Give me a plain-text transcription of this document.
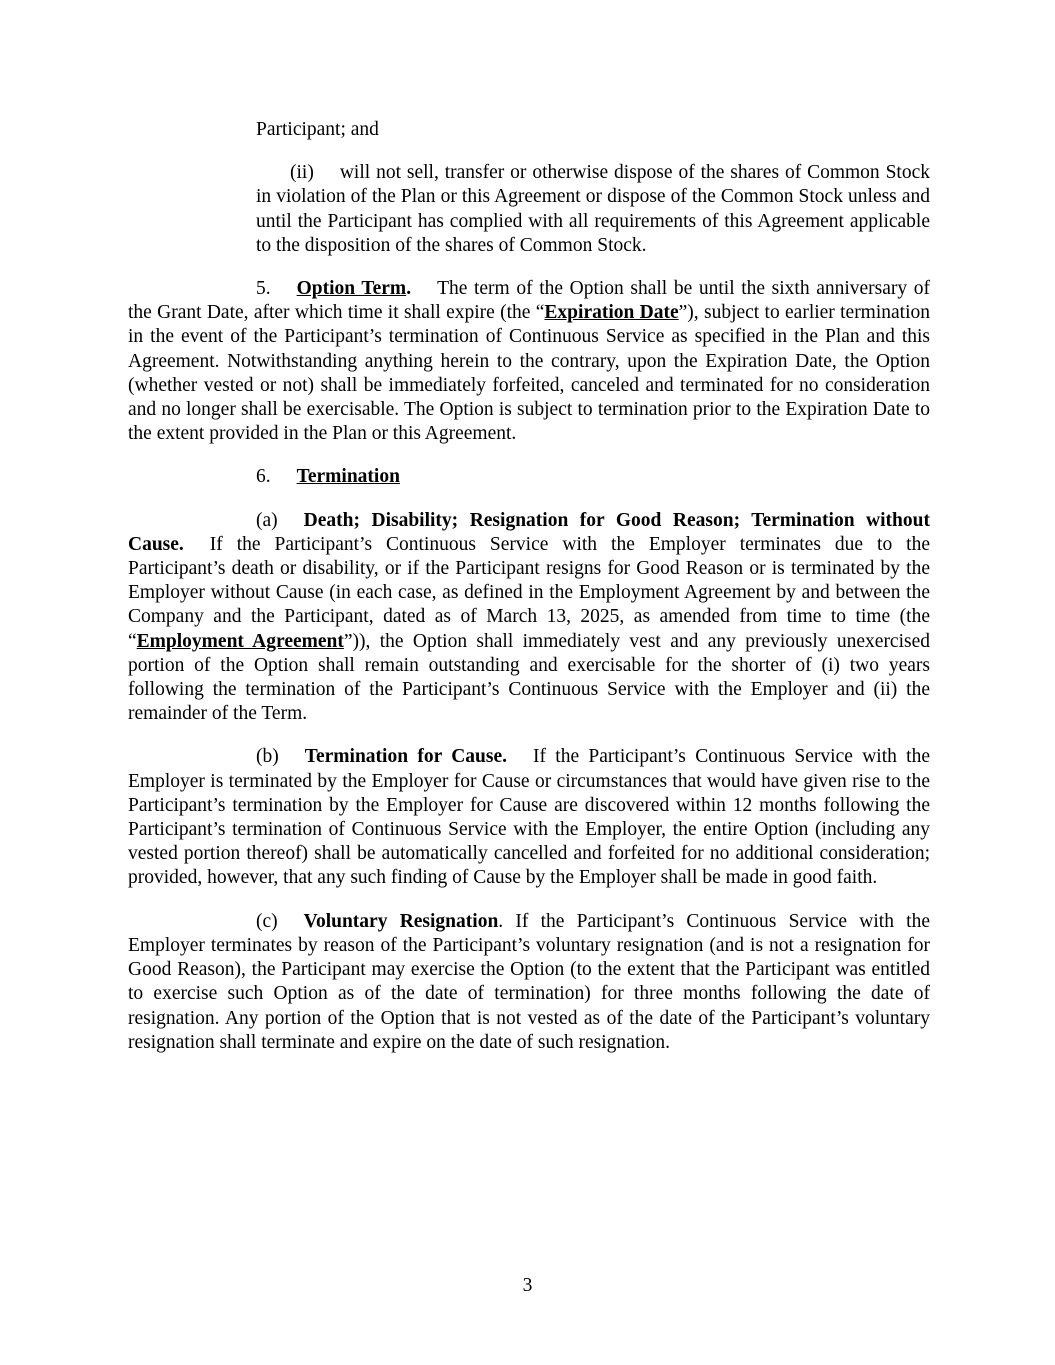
Participant; and

(ii) will not sell, transfer or otherwise dispose of the shares of Common Stock in violation of the Plan or this Agreement or dispose of the Common Stock unless and until the Participant has complied with all requirements of this Agreement applicable to the disposition of the shares of Common Stock.

5. Option Term. The term of the Option shall be until the sixth anniversary of the Grant Date, after which time it shall expire (the “Expiration Date”), subject to earlier termination in the event of the Participant’s termination of Continuous Service as specified in the Plan and this Agreement. Notwithstanding anything herein to the contrary, upon the Expiration Date, the Option (whether vested or not) shall be immediately forfeited, canceled and terminated for no consideration and no longer shall be exercisable. The Option is subject to termination prior to the Expiration Date to the extent provided in the Plan or this Agreement.

6. Termination

(a) Death; Disability; Resignation for Good Reason; Termination without Cause. If the Participant’s Continuous Service with the Employer terminates due to the Participant’s death or disability, or if the Participant resigns for Good Reason or is terminated by the Employer without Cause (in each case, as defined in the Employment Agreement by and between the Company and the Participant, dated as of March 13, 2025, as amended from time to time (the “Employment Agreement”)), the Option shall immediately vest and any previously unexercised portion of the Option shall remain outstanding and exercisable for the shorter of (i) two years following the termination of the Participant’s Continuous Service with the Employer and (ii) the remainder of the Term.

(b) Termination for Cause. If the Participant’s Continuous Service with the Employer is terminated by the Employer for Cause or circumstances that would have given rise to the Participant’s termination by the Employer for Cause are discovered within 12 months following the Participant’s termination of Continuous Service with the Employer, the entire Option (including any vested portion thereof) shall be automatically cancelled and forfeited for no additional consideration; provided, however, that any such finding of Cause by the Employer shall be made in good faith.

(c) Voluntary Resignation. If the Participant’s Continuous Service with the Employer terminates by reason of the Participant’s voluntary resignation (and is not a resignation for Good Reason), the Participant may exercise the Option (to the extent that the Participant was entitled to exercise such Option as of the date of termination) for three months following the date of resignation. Any portion of the Option that is not vested as of the date of the Participant’s voluntary resignation shall terminate and expire on the date of such resignation.

3
